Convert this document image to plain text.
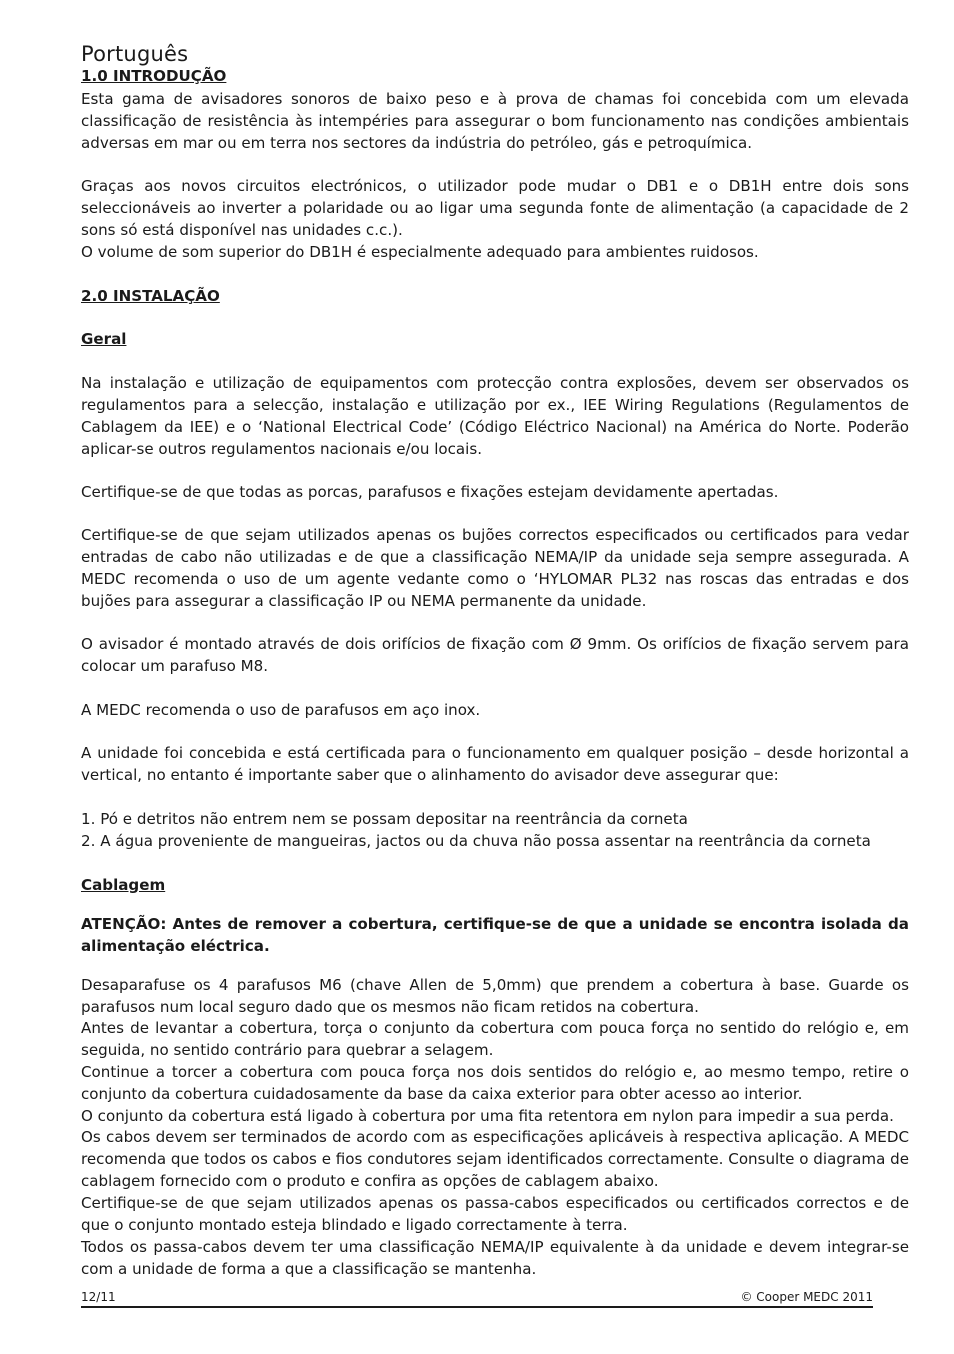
Português
1.0 INTRODUÇÃO

Esta gama de avisadores sonoros de baixo peso e à prova de chamas foi concebida com um elevada classificação de resistência às intempéries para assegurar o bom funcionamento nas condições ambientais adversas em mar ou em terra nos sectores da indústria do petróleo, gás e petroquímica.

Graças aos novos circuitos electrónicos, o utilizador pode mudar o DB1 e o DB1H entre dois sons seleccionáveis ao inverter a polaridade ou ao ligar uma segunda fonte de alimentação (a capacidade de 2 sons só está disponível nas unidades c.c.).

O volume de som superior do DB1H é especialmente adequado para ambientes ruidosos.

2.0 INSTALAÇÃO
Geral

Na instalação e utilização de equipamentos com protecção contra explosões, devem ser observados os regulamentos para a selecção, instalação e utilização por ex., IEE Wiring Regulations (Regulamentos de Cablagem da IEE) e o ‘National Electrical Code’ (Código Eléctrico Nacional) na América do Norte. Poderão aplicar-se outros regulamentos nacionais e/ou locais.

Certifique-se de que todas as porcas, parafusos e fixações estejam devidamente apertadas.

Certifique-se de que sejam utilizados apenas os bujões correctos especificados ou certificados para vedar entradas de cabo não utilizadas e de que a classificação NEMA/IP da unidade seja sempre assegurada. A MEDC recomenda o uso de um agente vedante como o ‘HYLOMAR PL32 nas roscas das entradas e dos bujões para assegurar a classificação IP ou NEMA permanente da unidade.

O avisador é montado através de dois orifícios de fixação com Ø 9mm. Os orifícios de fixação servem para colocar um parafuso M8.

A MEDC recomenda o uso de parafusos em aço inox.

A unidade foi concebida e está certificada para o funcionamento em qualquer posição – desde horizontal a vertical, no entanto é importante saber que o alinhamento do avisador deve assegurar que:

1. Pó e detritos não entrem nem se possam depositar na reentrância da corneta
2. A água proveniente de mangueiras, jactos ou da chuva não possa assentar na reentrância da corneta
Cablagem

ATENÇÃO: Antes de remover a cobertura, certifique-se de que a unidade se encontra isolada da alimentação eléctrica.

Desaparafuse os 4 parafusos M6 (chave Allen de 5,0mm) que prendem a cobertura à base. Guarde os parafusos num local seguro dado que os mesmos não ficam retidos na cobertura.

Antes de levantar a cobertura, torça o conjunto da cobertura com pouca força no sentido do relógio e, em seguida, no sentido contrário para quebrar a selagem.

Continue a torcer a cobertura com pouca força nos dois sentidos do relógio e, ao mesmo tempo, retire o conjunto da cobertura cuidadosamente da base da caixa exterior para obter acesso ao interior.

O conjunto da cobertura está ligado à cobertura por uma fita retentora em nylon para impedir a sua perda.

Os cabos devem ser terminados de acordo com as especificações aplicáveis à respectiva aplicação. A MEDC recomenda que todos os cabos e fios condutores sejam identificados correctamente. Consulte o diagrama de cablagem fornecido com o produto e confira as opções de cablagem abaixo.

Certifique-se de que sejam utilizados apenas os passa-cabos especificados ou certificados correctos e de que o conjunto montado esteja blindado e ligado correctamente à terra.

Todos os passa-cabos devem ter uma classificação NEMA/IP equivalente à da unidade e devem integrar-se com a unidade de forma a que a classificação se mantenha.

12/11	© Cooper MEDC 2011
